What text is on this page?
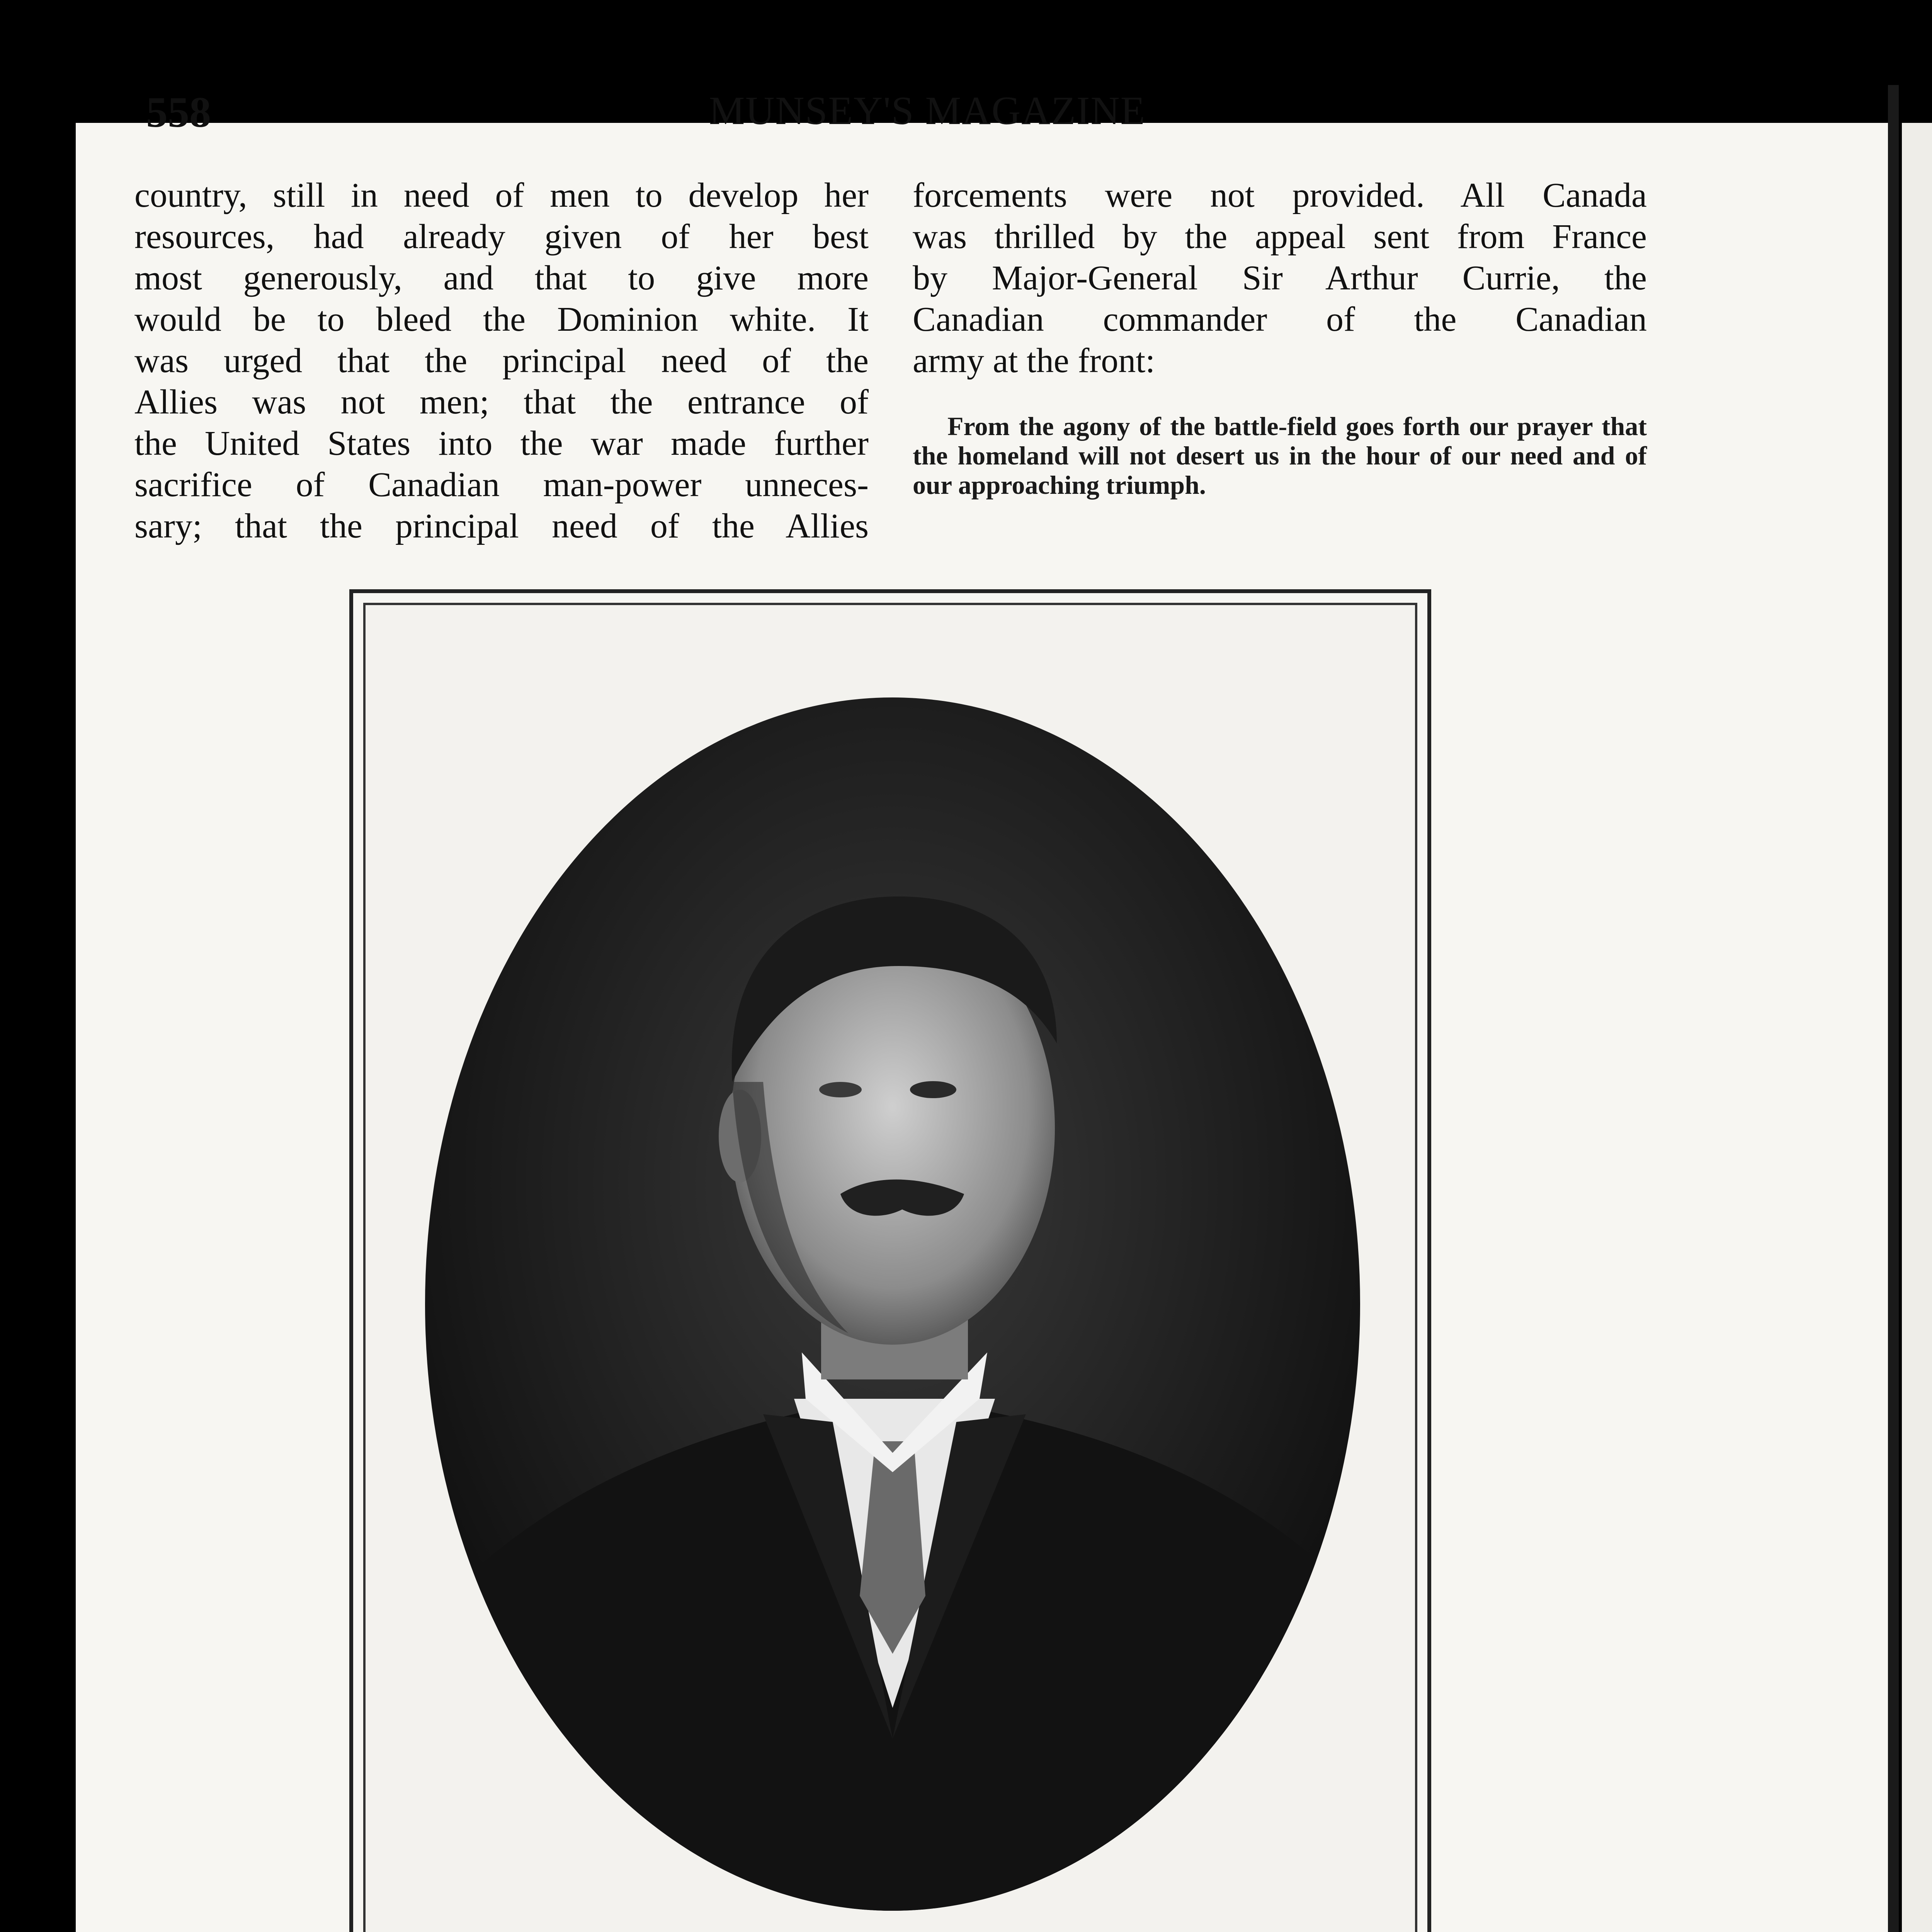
558	MUNSEY'S MAGAZINE

country, still in need of men to develop her

resources, had already given of her best

most generously, and that to give more

would be to bleed the Dominion white. It

was urged that the principal need of the

Allies was not men; that the entrance of

the United States into the war made further

sacrifice of Canadian man-power unneces-

sary; that the principal need of the Allies

forcements were not provided. All Canada

was thrilled by the appeal sent from France

by Major-General Sir Arthur Currie, the

Canadian commander of the Canadian

army at the front:

From the agony of the battle-field goes forth our prayer that the homeland will not desert us in the hour of our need and of our approaching triumph.
